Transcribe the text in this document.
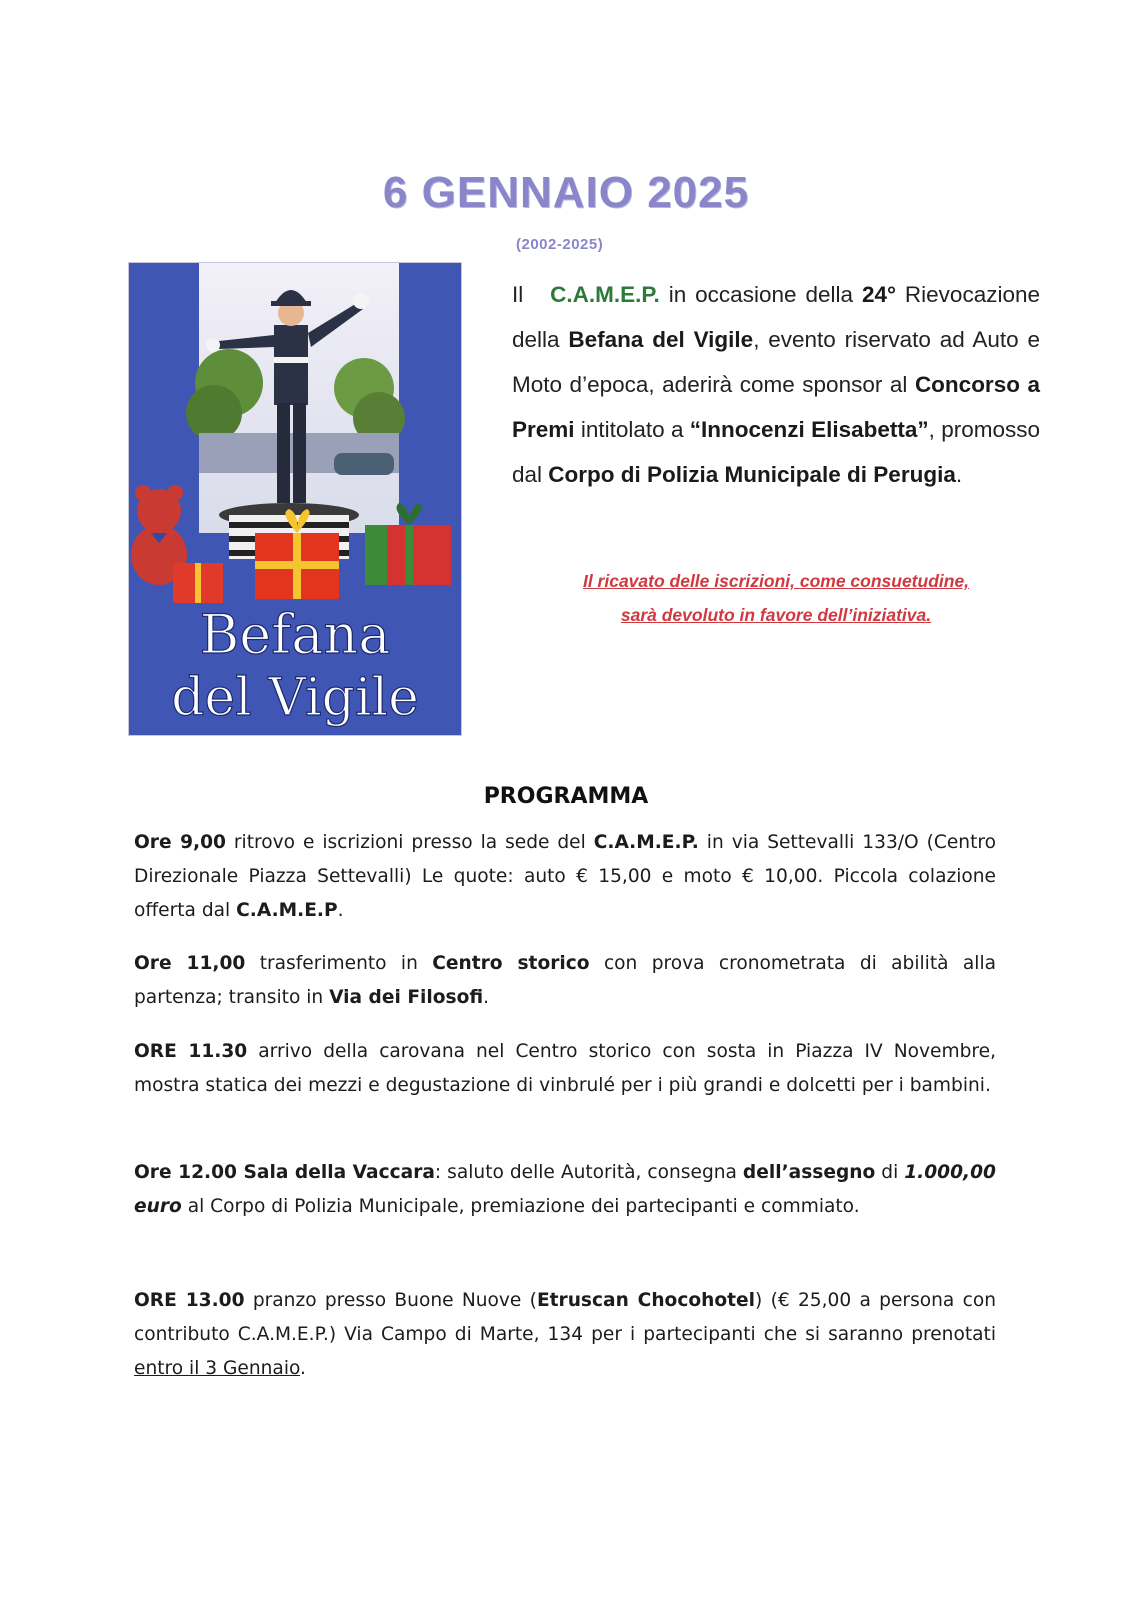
6 GENNAIO 2025
(2002-2025)
Befana
del Vigile
Il C.A.M.E.P. in occasione della 24° Rievocazione della Befana del Vigile, evento riservato ad Auto e Moto d’epoca, aderirà come sponsor al Concorso a Premi intitolato a “Innocenzi Elisabetta”, promosso dal Corpo di Polizia Municipale di Perugia.
Il ricavato delle iscrizioni, come consuetudine,
sarà devoluto in favore dell’iniziativa.
PROGRAMMA
Ore 9,00 ritrovo e iscrizioni presso la sede del C.A.M.E.P. in via Settevalli 133/O (Centro Direzionale Piazza Settevalli) Le quote: auto € 15,00 e moto € 10,00. Piccola colazione offerta dal C.A.M.E.P.
Ore 11,00 trasferimento in Centro storico con prova cronometrata di abilità alla partenza; transito in Via dei Filosofi.
ORE 11.30 arrivo della carovana nel Centro storico con sosta in Piazza IV Novembre, mostra statica dei mezzi e degustazione di vinbrulé per i più grandi e dolcetti per i bambini.
Ore 12.00 Sala della Vaccara: saluto delle Autorità, consegna dell’assegno di 1.000,00 euro al Corpo di Polizia Municipale, premiazione dei partecipanti e commiato.
ORE 13.00 pranzo presso Buone Nuove (Etruscan Chocohotel) (€ 25,00 a persona con contributo C.A.M.E.P.) Via Campo di Marte, 134 per i partecipanti che si saranno prenotati entro il 3 Gennaio.
